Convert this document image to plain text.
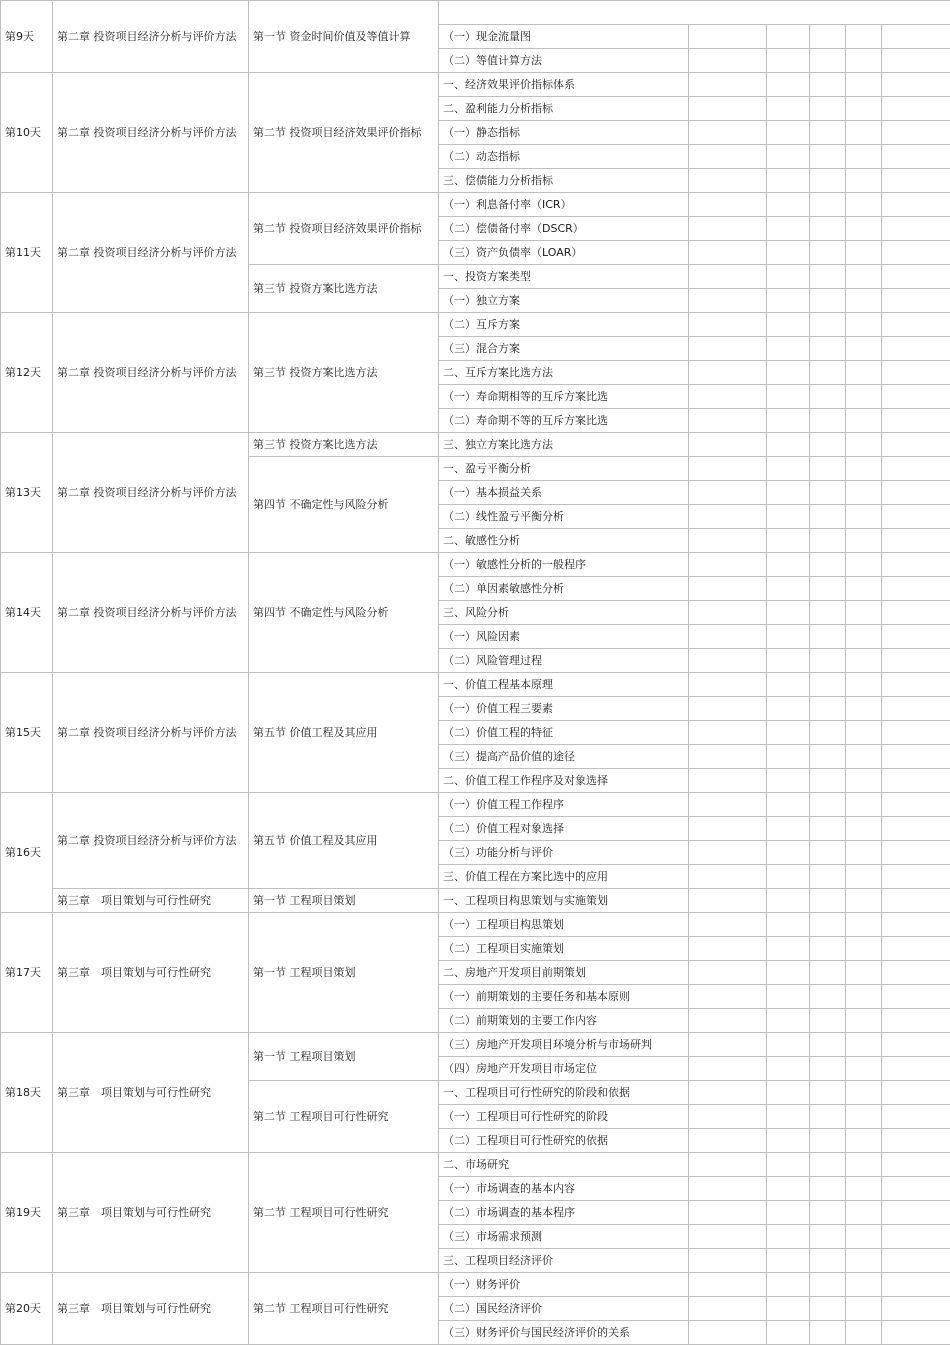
第9天	第二章 投资项目经济分析与评价方法	第一节 资金时间价值及等值计算						
			（一）现金流量图					
			（二）等值计算方法					
第10天	第二章 投资项目经济分析与评价方法	第二节 投资项目经济效果评价指标	一、经济效果评价指标体系					
			二、盈利能力分析指标					
			（一）静态指标					
			（二）动态指标					
			三、偿债能力分析指标					
第11天	第二章 投资项目经济分析与评价方法	第二节 投资项目经济效果评价指标	（一）利息备付率（ICR）					
			（二）偿债备付率（DSCR）					
			（三）资产负债率（LOAR）					
		第三节 投资方案比选方法	一、投资方案类型					
			（一）独立方案					
第12天	第二章 投资项目经济分析与评价方法	第三节 投资方案比选方法	（二）互斥方案					
			（三）混合方案					
			二、互斥方案比选方法					
			（一）寿命期相等的互斥方案比选					
			（二）寿命期不等的互斥方案比选					
第13天	第二章 投资项目经济分析与评价方法	第三节 投资方案比选方法	三、独立方案比选方法					
		第四节 不确定性与风险分析	一、盈亏平衡分析					
			（一）基本损益关系					
			（二）线性盈亏平衡分析					
			二、敏感性分析					
第14天	第二章 投资项目经济分析与评价方法	第四节 不确定性与风险分析	（一）敏感性分析的一般程序					
			（二）单因素敏感性分析					
			三、风险分析					
			（一）风险因素					
			（二）风险管理过程					
第15天	第二章 投资项目经济分析与评价方法	第五节 价值工程及其应用	一、价值工程基本原理					
			（一）价值工程三要素					
			（二）价值工程的特征					
			（三）提高产品价值的途径					
			二、价值工程工作程序及对象选择					
第16天	第二章 投资项目经济分析与评价方法	第五节 价值工程及其应用	（一）价值工程工作程序					
			（二）价值工程对象选择					
			（三）功能分析与评价					
			三、价值工程在方案比选中的应用					
	第三章　项目策划与可行性研究	第一节 工程项目策划	一、工程项目构思策划与实施策划					
第17天	第三章　项目策划与可行性研究	第一节 工程项目策划	（一）工程项目构思策划					
			（二）工程项目实施策划					
			二、房地产开发项目前期策划					
			（一）前期策划的主要任务和基本原则					
			（二）前期策划的主要工作内容					
第18天	第三章　项目策划与可行性研究	第一节 工程项目策划	（三）房地产开发项目环境分析与市场研判					
			（四）房地产开发项目市场定位					
		第二节 工程项目可行性研究	一、工程项目可行性研究的阶段和依据					
			（一）工程项目可行性研究的阶段					
			（二）工程项目可行性研究的依据					
第19天	第三章　项目策划与可行性研究	第二节 工程项目可行性研究	二、市场研究					
			（一）市场调查的基本内容					
			（二）市场调查的基本程序					
			（三）市场需求预测					
			三、工程项目经济评价					
第20天	第三章　项目策划与可行性研究	第二节 工程项目可行性研究	（一）财务评价					
			（二）国民经济评价					
			（三）财务评价与国民经济评价的关系					
